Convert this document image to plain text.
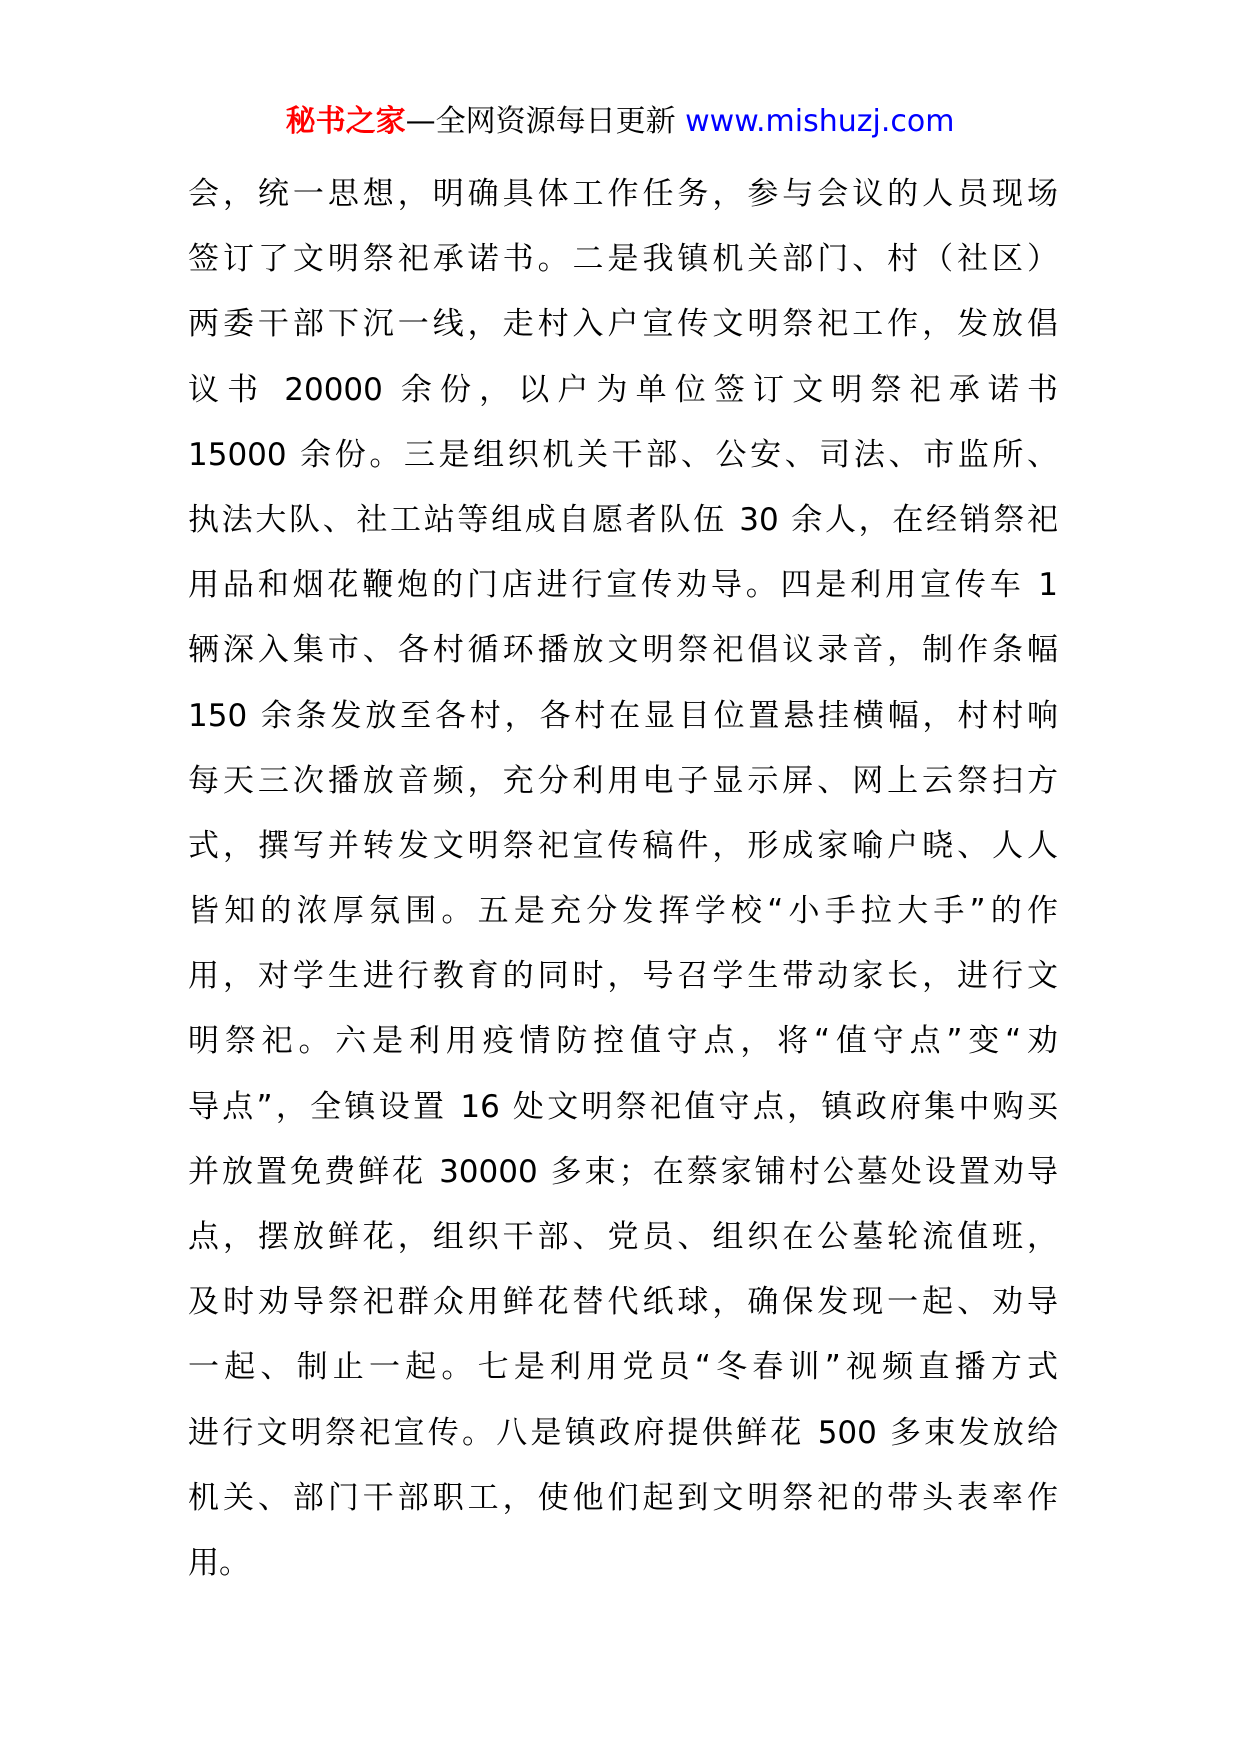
秘书之家—全网资源每日更新 www.mishuzj.com
会，统一思想，明确具体工作任务，参与会议的人员现场
签订了文明祭祀承诺书。二是我镇机关部门、村（社区）
两委干部下沉一线，走村入户宣传文明祭祀工作，发放倡
议书 20000 余份，以户为单位签订文明祭祀承诺书
15000 余份。三是组织机关干部、公安、司法、市监所、
执法大队、社工站等组成自愿者队伍 30 余人，在经销祭祀
用品和烟花鞭炮的门店进行宣传劝导。四是利用宣传车 1
辆深入集市、各村循环播放文明祭祀倡议录音，制作条幅
150 余条发放至各村，各村在显目位置悬挂横幅，村村响
每天三次播放音频，充分利用电子显示屏、网上云祭扫方
式，撰写并转发文明祭祀宣传稿件，形成家喻户晓、人人
皆知的浓厚氛围。五是充分发挥学校“小手拉大手”的作
用，对学生进行教育的同时，号召学生带动家长，进行文
明祭祀。六是利用疫情防控值守点，将“值守点”变“劝
导点”，全镇设置 16 处文明祭祀值守点，镇政府集中购买
并放置免费鲜花 30000 多束；在蔡家铺村公墓处设置劝导
点，摆放鲜花，组织干部、党员、组织在公墓轮流值班，
及时劝导祭祀群众用鲜花替代纸球，确保发现一起、劝导
一起、制止一起。七是利用党员“冬春训”视频直播方式
进行文明祭祀宣传。八是镇政府提供鲜花 500 多束发放给
机关、部门干部职工，使他们起到文明祭祀的带头表率作
用。
